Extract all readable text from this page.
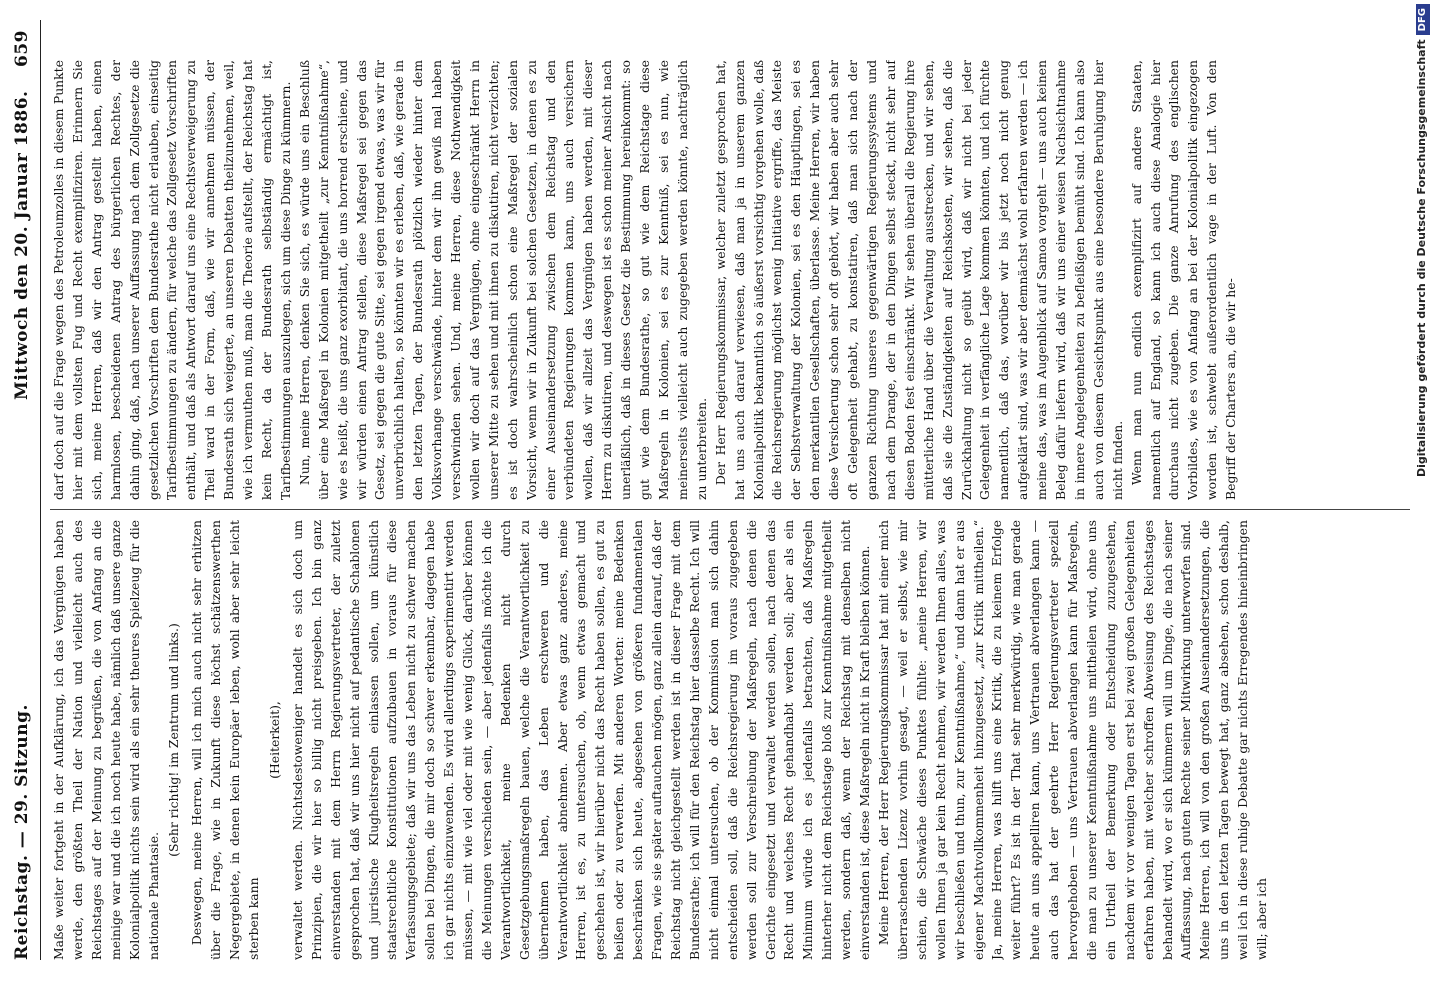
Reichstag. — 29. Sitzung.
Mittwoch den 20. Januar 1886.
659

Maße weiter fortgeht in der Aufklärung, ich das Vergnügen haben werde, den größten Theil der Nation und vielleicht auch des Reichstages auf der Meinung zu begrüßen, die von Anfang an die meinige war und die ich noch heute habe, nämlich daß unsere ganze Kolonialpolitik nichts sein wird als ein sehr theures Spielzeug für die nationale Phantasie.

(Sehr richtig! im Zentrum und links.) Deswegen, meine Herren, will ich mich auch nicht sehr erhitzen über die Frage, wie in Zukunft diese höchst schätzenswerthen Negergebiete, in denen kein Europäer leben, wohl aber sehr leicht sterben kann

(Heiterkeit), verwaltet werden. Nichtsdestoweniger handelt es sich doch um Prinzipien, die wir hier so billig nicht preisgeben. Ich bin ganz einverstanden mit dem Herrn Regierungsvertreter, der zuletzt gesprochen hat, daß wir uns hier nicht auf pedantische Schablonen und juristische Klugheitsregeln einlassen sollen, um künstlich staatsrechtliche Konstitutionen aufzubauen in voraus für diese Verfassungsgebiete; daß wir uns das Leben nicht zu schwer machen sollen bei Dingen, die mir doch so schwer erkennbar, dagegen habe ich gar nichts einzuwenden. Es wird allerdings experimentirt werden müssen, — mit wie viel oder mit wie wenig Glück, darüber können die Meinungen verschieden sein, — aber jedenfalls möchte ich die Verantwortlichkeit, meine Bedenken nicht durch Gesetzgebungsmaßregeln bauen, welche die Verantwortlichkeit zu übernehmen haben, das Leben erschweren und die Verantwortlichkeit abnehmen. Aber etwas ganz anderes, meine Herren, ist es, zu untersuchen, ob, wenn etwas gemacht und geschehen ist, wir hierüber nicht das Recht haben sollen, es gut zu heißen oder zu verwerfen. Mit anderen Worten: meine Bedenken beschränken sich heute, abgesehen von größeren fundamentalen Fragen, wie sie später auftauchen mögen, ganz allein darauf, daß der Reichstag nicht gleichgestellt werden ist in dieser Frage mit dem Bundesrathe; ich will für den Reichstag hier dasselbe Recht. Ich will nicht einmal untersuchen, ob der Kommission man sich dahin entscheiden soll, daß die Reichsregierung im voraus zugegeben werden soll zur Verschreibung der Maßregeln, nach denen die Gerichte eingesetzt und verwaltet werden sollen, nach denen das Recht und welches Recht gehandhabt werden soll; aber als ein Minimum würde ich es jedenfalls betrachten, daß Maßregeln hinterher nicht dem Reichstage bloß zur Kenntnißnahme mitgetheilt werden, sondern daß, wenn der Reichstag mit denselben nicht einverstanden ist, diese Maßregeln nicht in Kraft bleiben können. Meine Herren, der Herr Regierungskommissar hat mit einer mich überraschenden Lizenz vorhin gesagt, — weil er selbst, wie mir schien, die Schwäche dieses Punktes fühlte: „meine Herren, wir wollen Ihnen ja gar kein Recht nehmen, wir werden Ihnen alles, was wir beschließen und thun, zur Kenntnißnahme,“ und dann hat er aus eigener Machtvollkommenheit hinzugesetzt, „zur Kritik mittheilen.“ Ja, meine Herren, was hilft uns eine Kritik, die zu keinem Erfolge weiter führt? Es ist in der That sehr merkwürdig, wie man gerade heute an uns appelliren kann, uns Vertrauen abverlangen kann — auch das hat der geehrte Herr Regierungsvertreter speziell hervorgehoben — uns Vertrauen abverlangen kann für Maßregeln, die man zu unserer Kenntnißnahme uns mittheilen wird, ohne uns ein Urtheil der Bemerkung oder Entscheidung zuzugestehen, nachdem wir vor wenigen Tagen erst bei zwei großen Gelegenheiten erfahren haben, mit welcher schroffen Abweisung des Reichstages behandelt wird, wo er sich kümmern will um Dinge, die nach seiner Auffassung, nach guten Rechte seiner Mitwirkung unterworfen sind. Meine Herren, ich will von den großen Auseinandersetzungen, die uns in den letzten Tagen bewegt hat, ganz absehen, schon deshalb, weil ich in diese ruhige Debatte gar nichts Erregendes hineinbringen will; aber ich

darf doch auf die Frage wegen des Petroleumzolles in diesem Punkte hier mit dem vollsten Fug und Recht exemplifiziren. Erinnern Sie sich, meine Herren, daß wir den Antrag gestellt haben, einen harmlosen, bescheidenen Antrag des bürgerlichen Rechtes, der dahin ging, daß, nach unserer Auffassung nach dem Zollgesetze die gesetzlichen Vorschriften dem Bundesrathe nicht erlauben, einseitig Tarifbestimmungen zu ändern, für welche das Zollgesetz Vorschriften enthält, und daß als Antwort darauf uns eine Rechtsverweigerung zu Theil ward in der Form, daß, wie wir annehmen müssen, der Bundesrath sich weigerte, an unseren Debatten theilzunehmen, weil, wie ich vermuthen muß, man die Theorie aufstellt, der Reichstag hat kein Recht, da der Bundesrath selbständig ermächtigt ist, Tarifbestimmungen auszulegen, sich um diese Dinge zu kümmern. Nun, meine Herren, denken Sie sich, es würde uns ein Beschluß über eine Maßregel in Kolonien mitgetheilt „zur Kenntnißnahme“, wie es heißt, die uns ganz exorbitant, die uns horrend erschiene, und wir würden einen Antrag stellen, diese Maßregel sei gegen das Gesetz, sei gegen die gute Sitte, sei gegen irgend etwas, was wir für unverbrüchlich halten, so könnten wir es erleben, daß, wie gerade in den letzten Tagen, der Bundesrath plötzlich wieder hinter dem Volksvorhange verschwände, hinter dem wir ihn gewiß mal haben verschwinden sehen. Und, meine Herren, diese Nothwendigkeit wollen wir doch auf das Vergnügen, ohne eingeschränkt Herrn in unserer Mitte zu sehen und mit ihnen zu diskutiren, nicht verzichten; es ist doch wahrscheinlich schon eine Maßregel der sozialen Vorsicht, wenn wir in Zukunft bei solchen Gesetzen, in denen es zu einer Auseinandersetzung zwischen dem Reichstag und den verbündeten Regierungen kommen kann, uns auch versichern wollen, daß wir allzeit das Vergnügen haben werden, mit dieser Herrn zu diskutiren, und deswegen ist es schon meiner Ansicht nach unerläßlich, daß in dieses Gesetz die Bestimmung hereinkommt: so gut wie dem Bundesrathe, so gut wie dem Reichstage diese Maßregeln in Kolonien, sei es zur Kenntniß, sei es nun, wie meinerseits vielleicht auch zugegeben werden könnte, nachträglich zu unterbreiten. Der Herr Regierungskommissar, welcher zuletzt gesprochen hat, hat uns auch darauf verwiesen, daß man ja in unserem ganzen Kolonialpolitik bekanntlich so äußerst vorsichtig vorgehen wolle, daß die Reichsregierung möglichst wenig Initiative ergriffe, das Meiste der Selbstverwaltung der Kolonien, sei es den Häuptlingen, sei es den merkantilen Gesellschaften, überlasse. Meine Herren, wir haben diese Versicherung schon sehr oft gehört, wir haben aber auch sehr oft Gelegenheit gehabt, zu konstatiren, daß man sich nach der ganzen Richtung unseres gegenwärtigen Regierungssystems und nach dem Drange, der in den Dingen selbst steckt, nicht sehr auf diesen Boden fest einschränkt. Wir sehen überall die Regierung ihre mütterliche Hand über die Verwaltung ausstrecken, und wir sehen, daß sie die Zuständigkeiten auf Reichskosten, wir sehen, daß die Zurückhaltung nicht so geübt wird, daß wir nicht bei jeder Gelegenheit in verfängliche Lage kommen könnten, und ich fürchte namentlich, daß das, worüber wir bis jetzt noch nicht genug aufgeklärt sind, was wir aber demnächst wohl erfahren werden — ich meine das, was im Augenblick auf Samoa vorgeht — uns auch keinen Beleg dafür liefern wird, daß wir uns einer weisen Nachsichtnahme in innere Angelegenheiten zu befleißigen bemüht sind. Ich kann also auch von diesem Gesichtspunkt aus eine besondere Beruhigung hier nicht finden. Wenn man nun endlich exemplifizirt auf andere Staaten, namentlich auf England, so kann ich auch diese Analogie hier durchaus nicht zugeben. Die ganze Anrufung des englischen Vorbildes, wie es von Anfang an bei der Kolonialpolitik eingezogen worden ist, schwebt außerordentlich vage in der Luft. Von den Begriff der Charters an, die wir he-	Digitalisierung gefördert durch die Deutsche ForschungsgemeinschaftDFG
